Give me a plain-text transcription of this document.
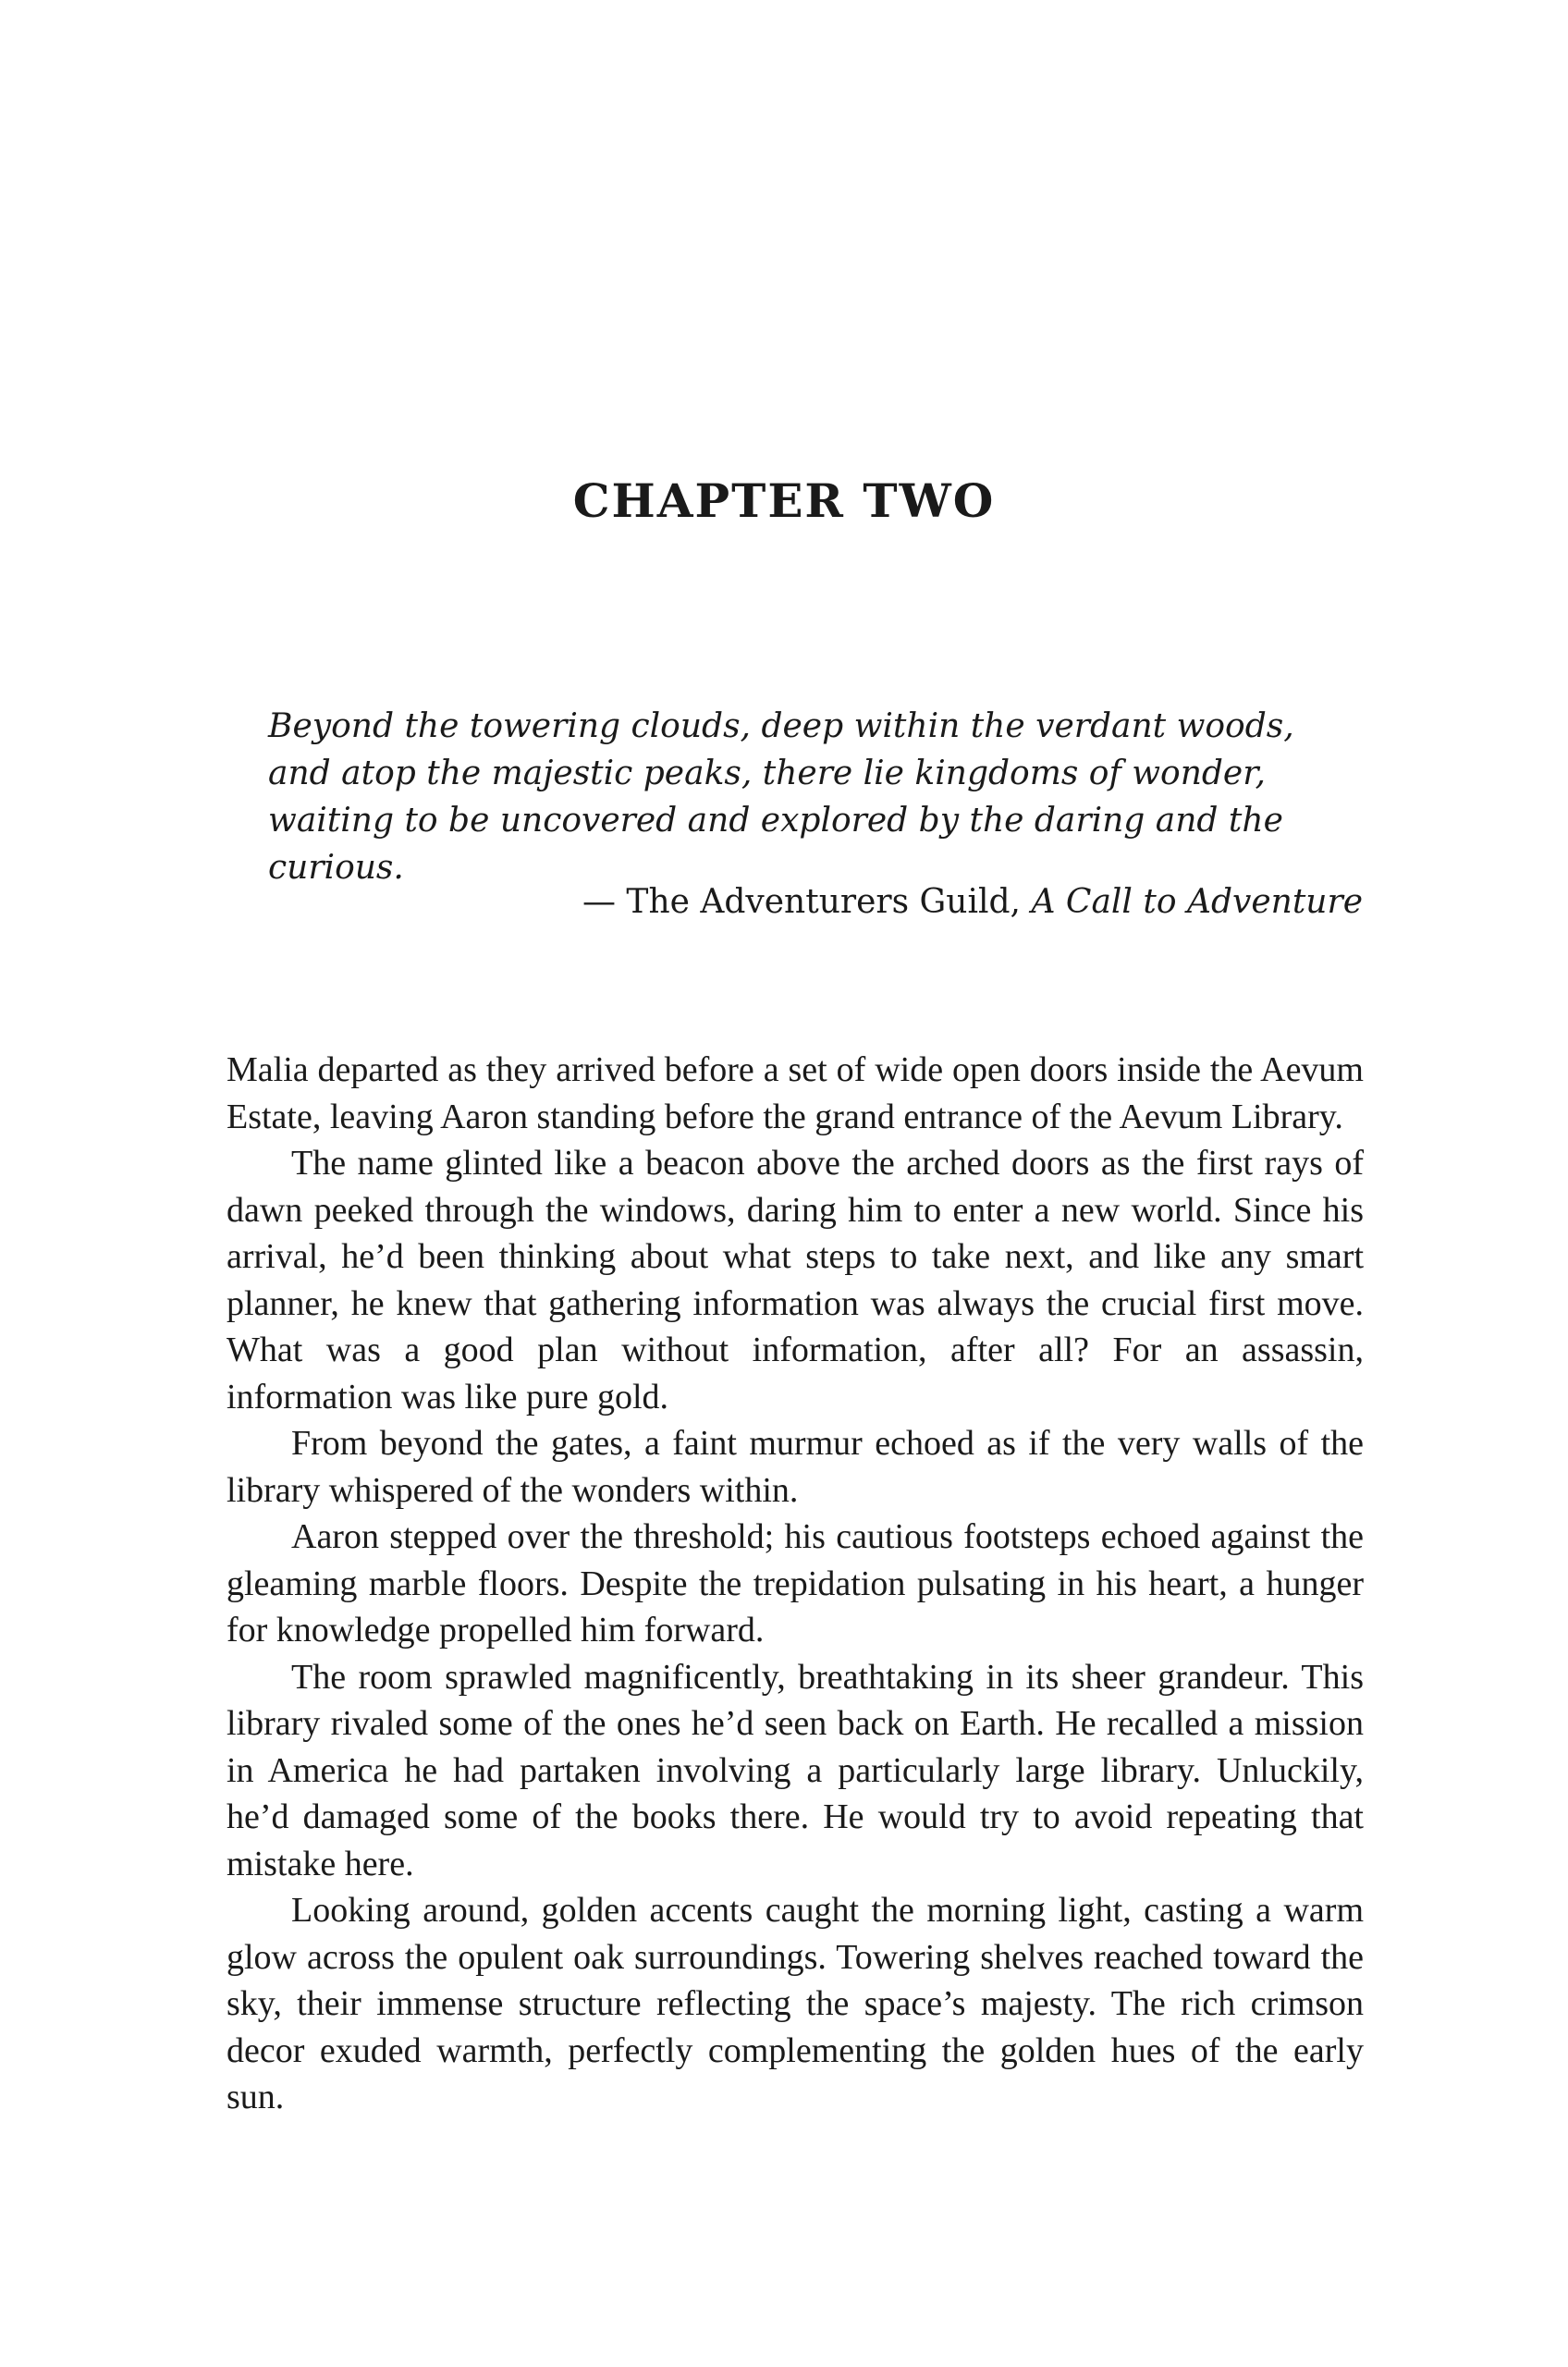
CHAPTER TWO

Beyond the towering clouds, deep within the verdant woods, and atop the majestic peaks, there lie kingdoms of wonder, waiting to be uncovered and explored by the daring and the curious.

— The Adventurers Guild, A Call to Adventure

Malia departed as they arrived before a set of wide open doors inside the Aevum Estate, leaving Aaron standing before the grand entrance of the Aevum Library.

The name glinted like a beacon above the arched doors as the first rays of dawn peeked through the windows, daring him to enter a new world. Since his arrival, he’d been thinking about what steps to take next, and like any smart planner, he knew that gathering information was always the crucial first move. What was a good plan without information, after all? For an assassin, information was like pure gold.

From beyond the gates, a faint murmur echoed as if the very walls of the library whispered of the wonders within.

Aaron stepped over the threshold; his cautious footsteps echoed against the gleaming marble floors. Despite the trepidation pulsating in his heart, a hunger for knowledge propelled him forward.

The room sprawled magnificently, breathtaking in its sheer grandeur. This library rivaled some of the ones he’d seen back on Earth. He recalled a mission in America he had partaken involving a particularly large library. Unluckily, he’d damaged some of the books there. He would try to avoid repeating that mistake here.

Looking around, golden accents caught the morning light, casting a warm glow across the opulent oak surroundings. Towering shelves reached toward the sky, their immense structure reflecting the space’s majesty. The rich crimson decor exuded warmth, perfectly complementing the golden hues of the early sun.
